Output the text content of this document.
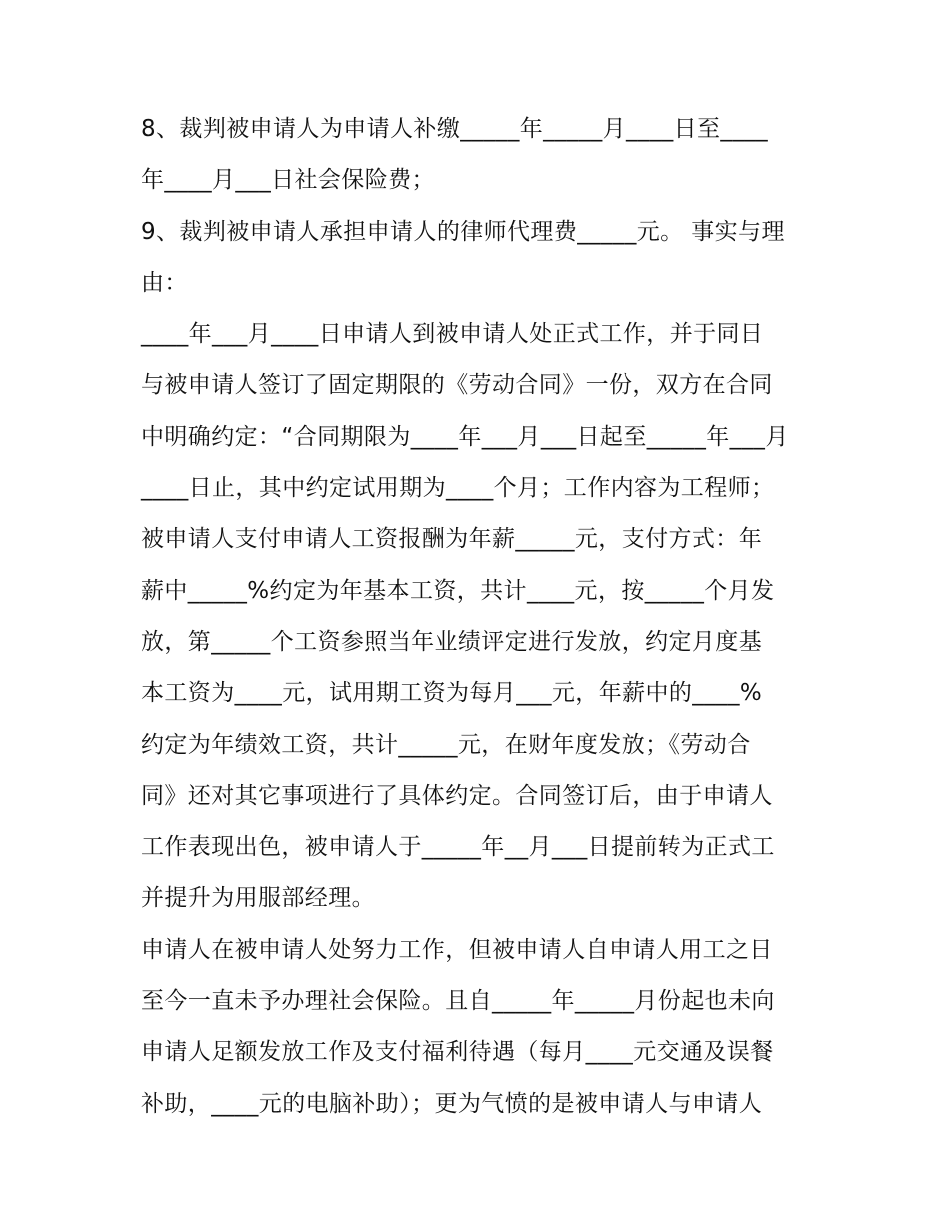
8、裁判被申请人为申请人补缴_____年_____月____日至____
年____月___日社会保险费；
9、裁判被申请人承担申请人的律师代理费_____元。 事实与理
由：
____年___月____日申请人到被申请人处正式工作，并于同日
与被申请人签订了固定期限的《劳动合同》一份，双方在合同
中明确约定：“合同期限为____年___月___日起至_____年___月
____日止，其中约定试用期为____个月；工作内容为工程师；
被申请人支付申请人工资报酬为年薪_____元，支付方式：年
薪中_____%约定为年基本工资，共计____元，按_____个月发
放，第_____个工资参照当年业绩评定进行发放，约定月度基
本工资为____元，试用期工资为每月___元，年薪中的____%
约定为年绩效工资，共计_____元，在财年度发放；《劳动合
同》还对其它事项进行了具体约定。合同签订后，由于申请人
工作表现出色，被申请人于_____年__月___日提前转为正式工
并提升为用服部经理。
申请人在被申请人处努力工作，但被申请人自申请人用工之日
至今一直未予办理社会保险。且自_____年_____月份起也未向
申请人足额发放工作及支付福利待遇（每月____元交通及误餐
补助，____元的电脑补助）；更为气愤的是被申请人与申请人
